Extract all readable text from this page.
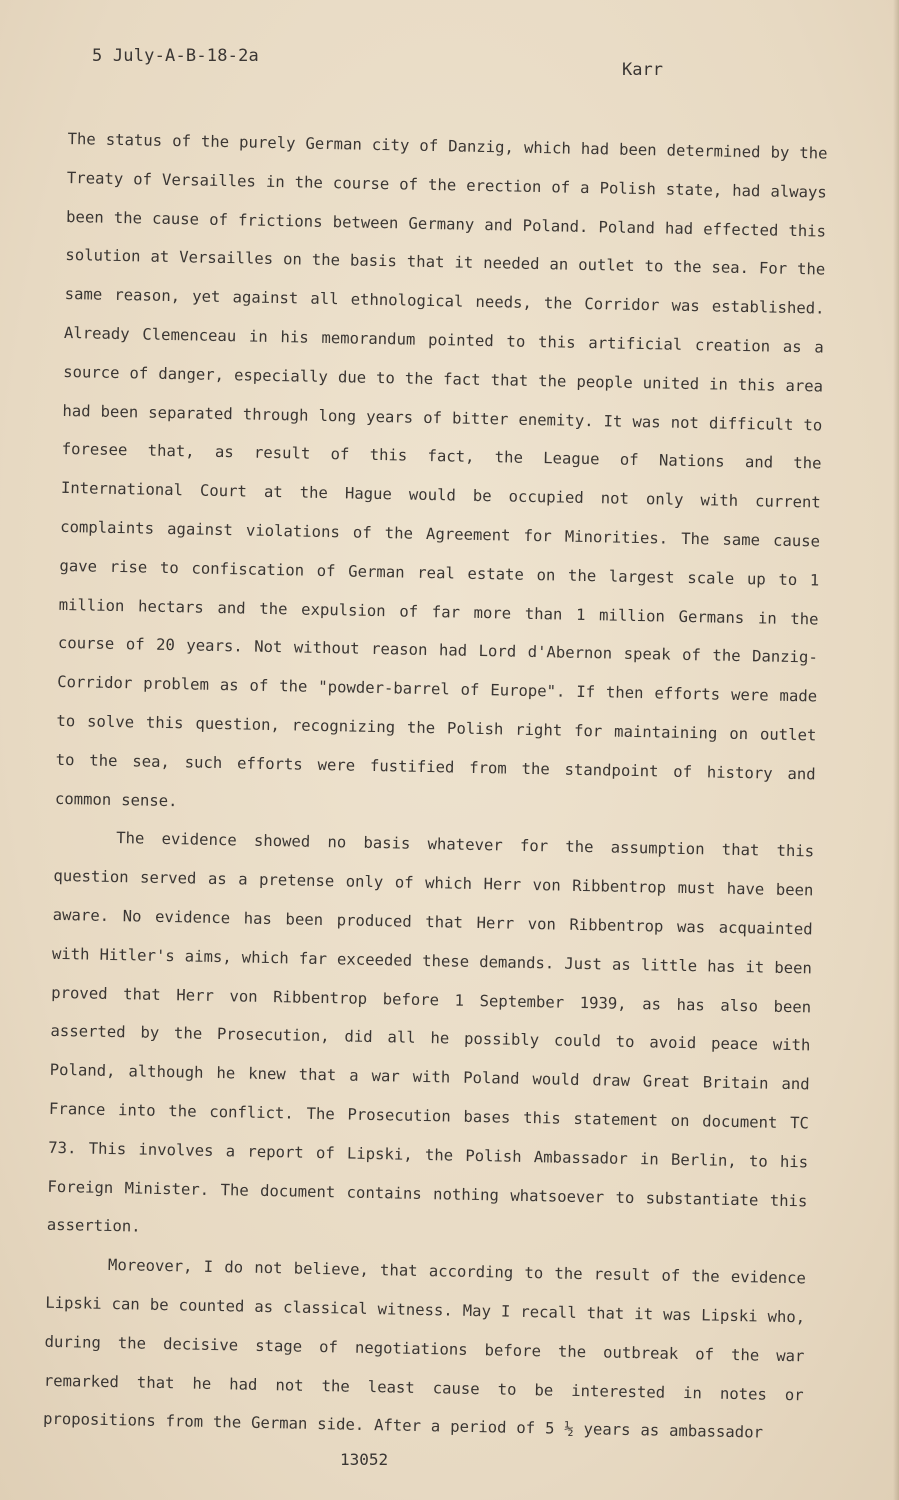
5 July-A-B-18-2a
Karr

The status of the purely German city of Danzig, which had been determined by the Treaty of Versailles in the course of the erection of a Polish state, had always been the cause of frictions between Germany and Poland. Poland had effected this solution at Versailles on the basis that it needed an outlet to the sea. For the same reason, yet against all ethnological needs, the Corridor was established. Already Clemenceau in his memorandum pointed to this artificial creation as a source of danger, especially due to the fact that the people united in this area had been separated through long years of bitter enemity. It was not difficult to foresee that, as result of this fact, the League of Nations and the International Court at the Hague would be occupied not only with current complaints against violations of the Agreement for Minorities. The same cause gave rise to confiscation of German real estate on the largest scale up to 1 million hectars and the expulsion of far more than 1 million Germans in the course of 20 years. Not without reason had Lord d'Abernon speak of the Danzig-Corridor problem as of the "powder-barrel of Europe". If then efforts were made to solve this question, recognizing the Polish right for maintaining on outlet to the sea, such efforts were fustified from the standpoint of history and common sense.

The evidence showed no basis whatever for the assumption that this question served as a pretense only of which Herr von Ribbentrop must have been aware. No evidence has been produced that Herr von Ribbentrop was acquainted with Hitler's aims, which far exceeded these demands. Just as little has it been proved that Herr von Ribbentrop before 1 September 1939, as has also been asserted by the Prosecution, did all he possibly could to avoid peace with Poland, although he knew that a war with Poland would draw Great Britain and France into the conflict. The Prosecution bases this statement on document TC 73. This involves a report of Lipski, the Polish Ambassador in Berlin, to his Foreign Minister. The document contains nothing whatsoever to substantiate this assertion.

Moreover, I do not believe, that according to the result of the evidence Lipski can be counted as classical witness. May I recall that it was Lipski who, during the decisive stage of negotiations before the outbreak of the war remarked that he had not the least cause to be interested in notes or propositions from the German side. After a period of 5 ½ years as ambassador

13052
